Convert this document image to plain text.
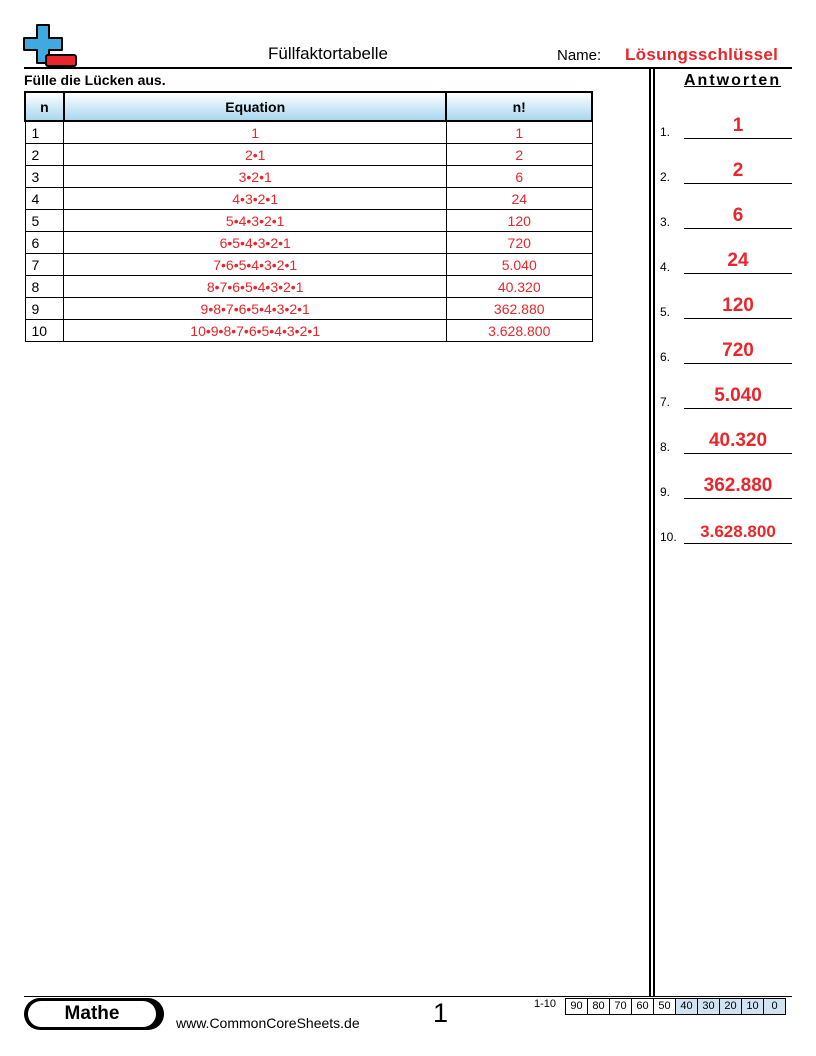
Füllfaktortabelle	Name: Lösungsschlüssel
Fülle die Lücken aus.
n	Equation	n!
1	1	1
2	2•1	2
3	3•2•1	6
4	4•3•2•1	24
5	5•4•3•2•1	120
6	6•5•4•3•2•1	720
7	7•6•5•4•3•2•1	5.040
8	8•7•6•5•4•3•2•1	40.320
9	9•8•7•6•5•4•3•2•1	362.880
10	10•9•8•7•6•5•4•3•2•1	3.628.800
Antworten
1.	1
2.	2
3.	6
4.	24
5.	120
6.	720
7.	5.040
8.	40.320
9.	362.880
10.	3.628.800
Mathe	www.CommonCoreSheets.de	1	1-10	90 80 70 60 50 40 30 20 10	0
